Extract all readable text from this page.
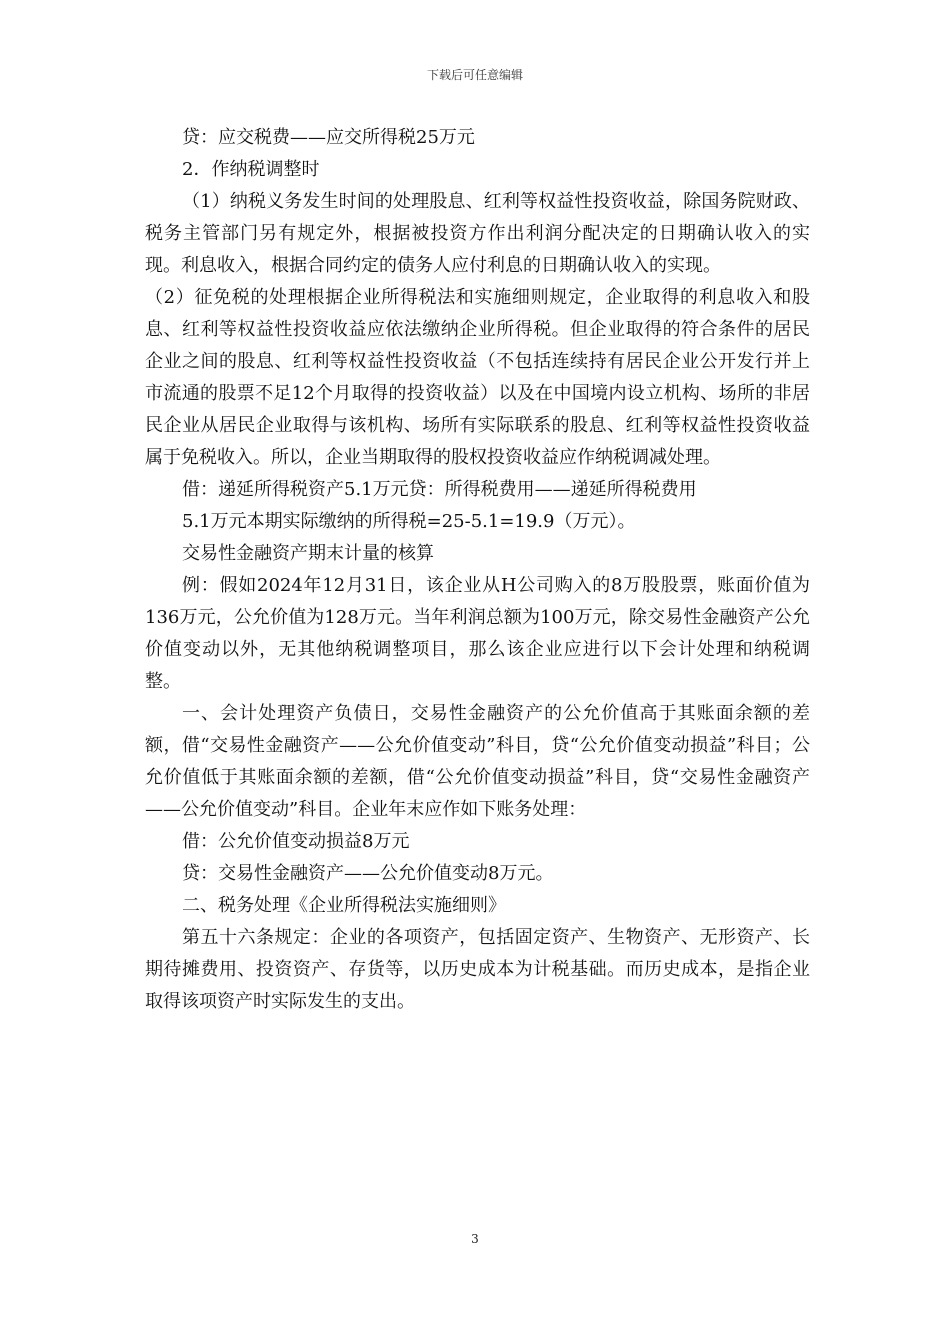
下载后可任意编辑

贷：应交税费——应交所得税25万元

2．作纳税调整时

（1）纳税义务发生时间的处理股息、红利等权益性投资收益，除国务院财政、税务主管部门另有规定外，根据被投资方作出利润分配决定的日期确认收入的实现。利息收入，根据合同约定的债务人应付利息的日期确认收入的实现。

（2）征免税的处理根据企业所得税法和实施细则规定，企业取得的利息收入和股息、红利等权益性投资收益应依法缴纳企业所得税。但企业取得的符合条件的居民企业之间的股息、红利等权益性投资收益（不包括连续持有居民企业公开发行并上市流通的股票不足12个月取得的投资收益）以及在中国境内设立机构、场所的非居民企业从居民企业取得与该机构、场所有实际联系的股息、红利等权益性投资收益属于免税收入。所以，企业当期取得的股权投资收益应作纳税调减处理。

借：递延所得税资产5.1万元贷：所得税费用——递延所得税费用

5.1万元本期实际缴纳的所得税=25-5.1=19.9（万元）。

交易性金融资产期末计量的核算

例：假如2024年12月31日，该企业从H公司购入的8万股股票，账面价值为136万元，公允价值为128万元。当年利润总额为100万元，除交易性金融资产公允价值变动以外，无其他纳税调整项目，那么该企业应进行以下会计处理和纳税调整。

一、会计处理资产负债日，交易性金融资产的公允价值高于其账面余额的差额，借“交易性金融资产——公允价值变动”科目，贷“公允价值变动损益”科目；公允价值低于其账面余额的差额，借“公允价值变动损益”科目，贷“交易性金融资产——公允价值变动”科目。企业年末应作如下账务处理：

借：公允价值变动损益8万元

贷：交易性金融资产——公允价值变动8万元。

二、税务处理《企业所得税法实施细则》

第五十六条规定：企业的各项资产，包括固定资产、生物资产、无形资产、长期待摊费用、投资资产、存货等，以历史成本为计税基础。而历史成本，是指企业取得该项资产时实际发生的支出。

3
